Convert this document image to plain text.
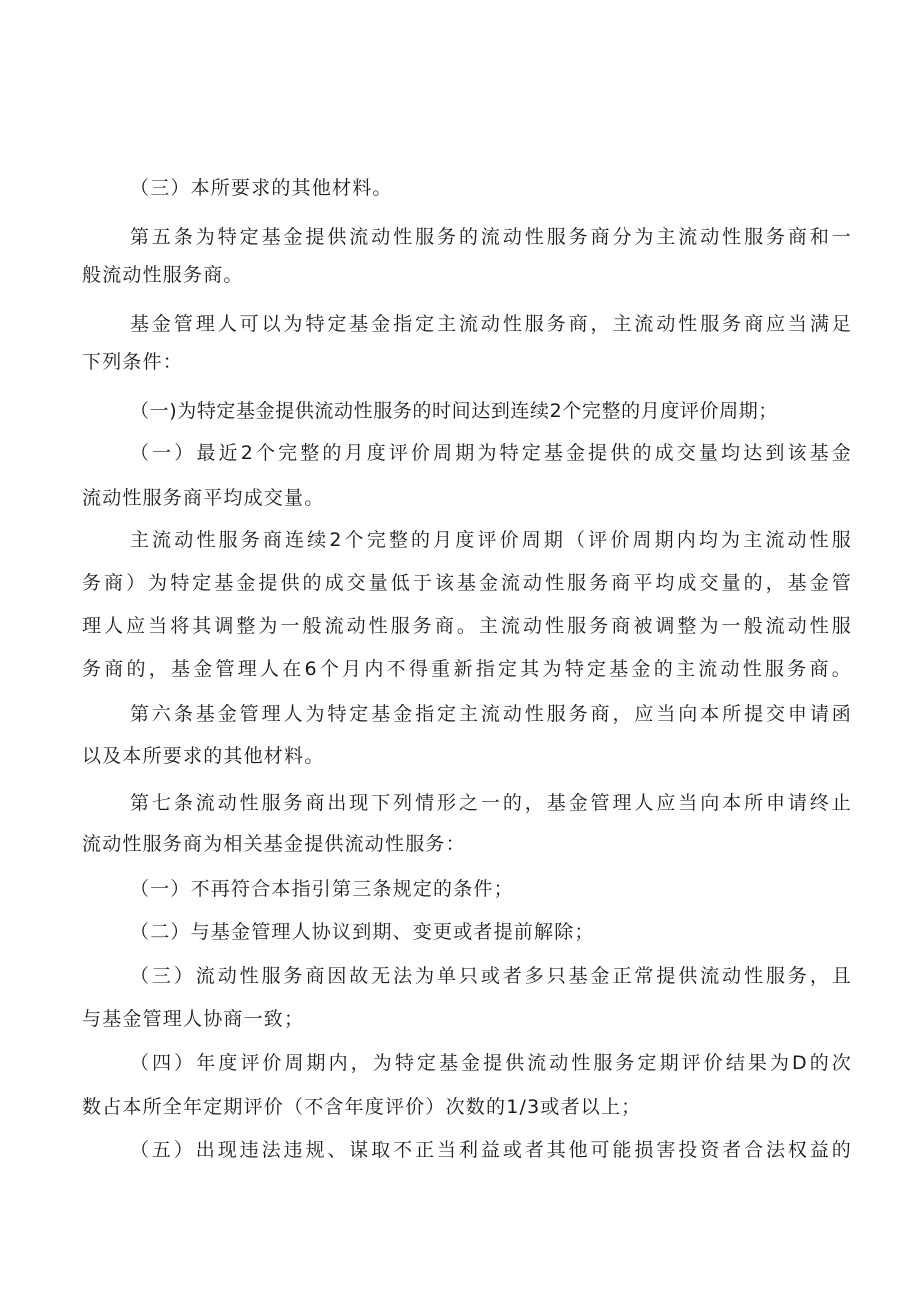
（三）本所要求的其他材料。
第五条为特定基金提供流动性服务的流动性服务商分为主流动性服务商和一
般流动性服务商。
基金管理人可以为特定基金指定主流动性服务商，主流动性服务商应当满足
下列条件：
（一)为特定基金提供流动性服务的时间达到连续2个完整的月度评价周期；
（一）最近2个完整的月度评价周期为特定基金提供的成交量均达到该基金
流动性服务商平均成交量。
主流动性服务商连续2个完整的月度评价周期（评价周期内均为主流动性服
务商）为特定基金提供的成交量低于该基金流动性服务商平均成交量的，基金管
理人应当将其调整为一般流动性服务商。主流动性服务商被调整为一般流动性服
务商的，基金管理人在6个月内不得重新指定其为特定基金的主流动性服务商。
第六条基金管理人为特定基金指定主流动性服务商，应当向本所提交申请函
以及本所要求的其他材料。
第七条流动性服务商出现下列情形之一的，基金管理人应当向本所申请终止
流动性服务商为相关基金提供流动性服务：
（一）不再符合本指引第三条规定的条件；
（二）与基金管理人协议到期、变更或者提前解除；
（三）流动性服务商因故无法为单只或者多只基金正常提供流动性服务，且
与基金管理人协商一致；
（四）年度评价周期内，为特定基金提供流动性服务定期评价结果为D的次
数占本所全年定期评价（不含年度评价）次数的1/3或者以上；
（五）出现违法违规、谋取不正当利益或者其他可能损害投资者合法权益的
